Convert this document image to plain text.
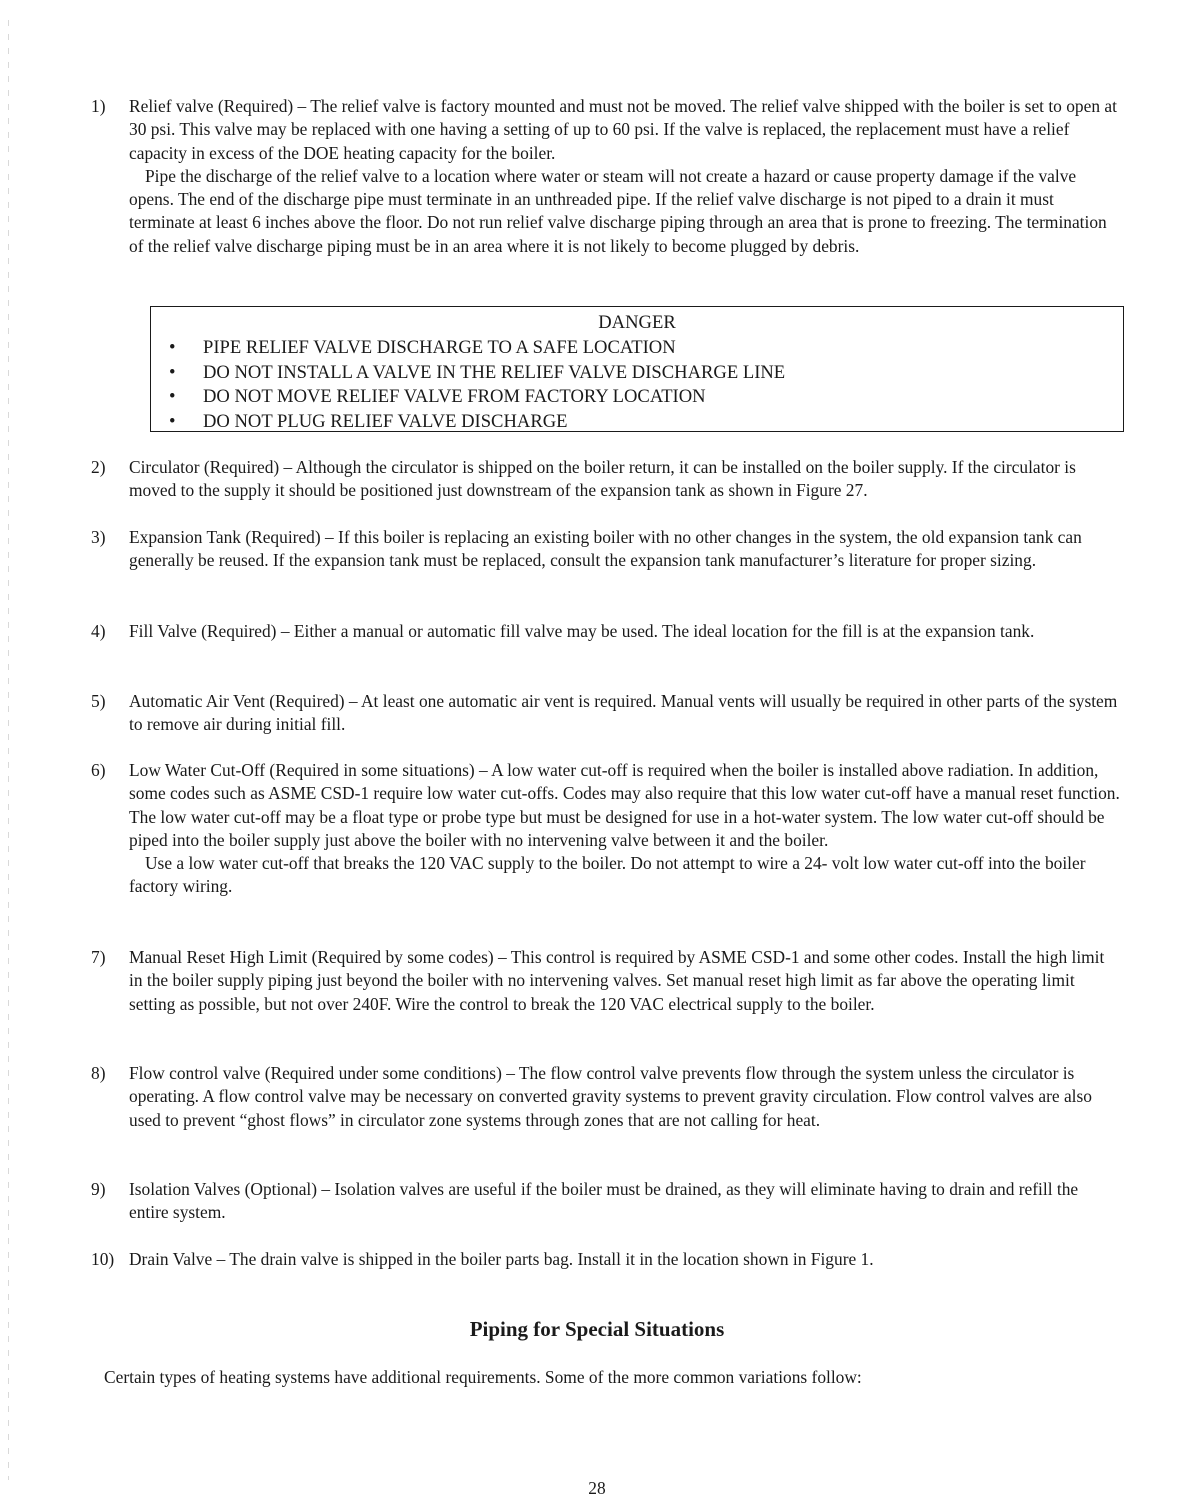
1)	Relief valve (Required) – The relief valve is factory mounted and must not be moved. The relief valve shipped with the boiler is set to open at 30 psi. This valve may be replaced with one having a setting of up to 60 psi. If the valve is replaced, the replacement must have a relief capacity in excess of the DOE heating capacity for the boiler.

Pipe the discharge of the relief valve to a location where water or steam will not create a hazard or cause property damage if the valve opens. The end of the discharge pipe must terminate in an unthreaded pipe. If the relief valve discharge is not piped to a drain it must terminate at least 6 inches above the floor. Do not run relief valve discharge piping through an area that is prone to freezing. The termination of the relief valve discharge piping must be in an area where it is not likely to become plugged by debris.

DANGER
• PIPE RELIEF VALVE DISCHARGE TO A SAFE LOCATION
• DO NOT INSTALL A VALVE IN THE RELIEF VALVE DISCHARGE LINE
• DO NOT MOVE RELIEF VALVE FROM FACTORY LOCATION
• DO NOT PLUG RELIEF VALVE DISCHARGE
2)	Circulator (Required) – Although the circulator is shipped on the boiler return, it can be installed on the boiler supply. If the circulator is moved to the supply it should be positioned just downstream of the expansion tank as shown in Figure 27.

3)	Expansion Tank (Required) – If this boiler is replacing an existing boiler with no other changes in the system, the old expansion tank can generally be reused. If the expansion tank must be replaced, consult the expansion tank manufacturer’s literature for proper sizing.

4)	Fill Valve (Required) – Either a manual or automatic fill valve may be used. The ideal location for the fill is at the expansion tank.

5)	Automatic Air Vent (Required) – At least one automatic air vent is required. Manual vents will usually be required in other parts of the system to remove air during initial fill.

6)	Low Water Cut-Off (Required in some situations) – A low water cut-off is required when the boiler is installed above radiation. In addition, some codes such as ASME CSD-1 require low water cut-offs. Codes may also require that this low water cut-off have a manual reset function. The low water cut-off may be a float type or probe type but must be designed for use in a hot-water system. The low water cut-off should be piped into the boiler supply just above the boiler with no intervening valve between it and the boiler.

Use a low water cut-off that breaks the 120 VAC supply to the boiler. Do not attempt to wire a 24- volt low water cut-off into the boiler factory wiring.

7)	Manual Reset High Limit (Required by some codes) – This control is required by ASME CSD-1 and some other codes. Install the high limit in the boiler supply piping just beyond the boiler with no intervening valves. Set manual reset high limit as far above the operating limit setting as possible, but not over 240F. Wire the control to break the 120 VAC electrical supply to the boiler.

8)	Flow control valve (Required under some conditions) – The flow control valve prevents flow through the system unless the circulator is operating. A flow control valve may be necessary on converted gravity systems to prevent gravity circulation. Flow control valves are also used to prevent “ghost flows” in circulator zone systems through zones that are not calling for heat.

9)	Isolation Valves (Optional) – Isolation valves are useful if the boiler must be drained, as they will eliminate having to drain and refill the entire system.

10) Drain Valve – The drain valve is shipped in the boiler parts bag. Install it in the location shown in Figure 1.

Piping for Special Situations
Certain types of heating systems have additional requirements. Some of the more common variations follow:
28
